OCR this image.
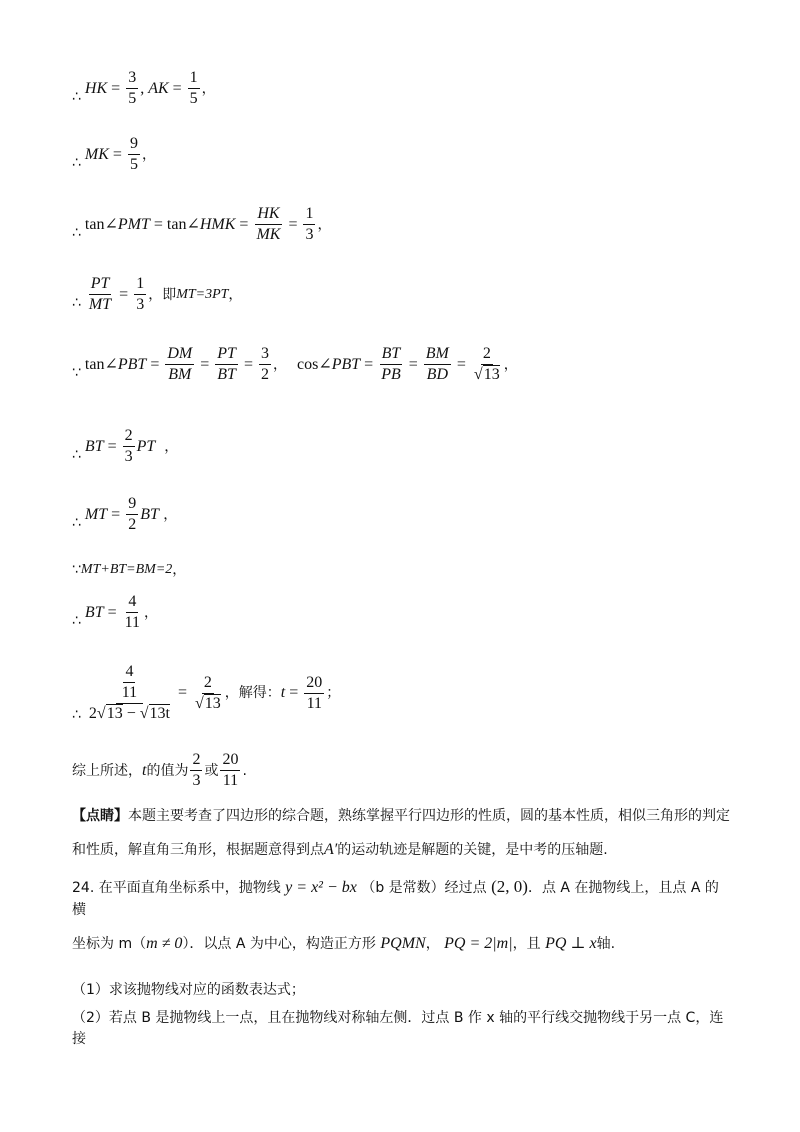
∴ HK = $\frac{3}{5}$ , AK = $\frac{1}{5}$ ，
∴ MK = $\frac{9}{5}$ ，
∴ tan ∠PMT = tan ∠HMK = $\frac{HK}{MK} = \frac{1}{3}$ ，
∴ $\frac{PT}{MT} = \frac{1}{3}$ ， 即 MT=3PT ，
∵ tan ∠PBT = $\frac{DM}{BM} = \frac{PT}{BT} = \frac{3}{2}$ ， cos ∠PBT = $\frac{BT}{PB} = \frac{BM}{BD} = \frac{2}{√13}$ ，
∴ BT = $\frac{2}{3}$ PT ，
∴ MT = $\frac{9}{2}$ BT ，
∵ MT+BT=BM=2 ，
∴ BT = $\frac{4}{11}$ ，
∴ $\frac{\frac{4}{11}}{2√13 - √13t} = \frac{2}{√13}$ ， 解得： $t = \frac{20}{11}$ ；
综上所述， t 的值为 $\frac{2}{3}$ 或 $\frac{20}{11}$ .
【点睛】本题主要考查了四边形的综合题，熟练掌握平行四边形的性质，圆的基本性质，相似三角形的判定和性质，解直角三角形，根据题意得到点A′的运动轨迹是解题的关键，是中考的压轴题.
24. 在平面直角坐标系中，抛物线 y = x² − bx （b 是常数）经过点 (2, 0)．点 A 在抛物线上，且点 A 的横
坐标为 m（m ≠ 0）．以点 A 为中心，构造正方形 PQMN， PQ = 2|m|，且 PQ ⊥ x轴.
（1）求该抛物线对应的函数表达式；
（2）若点 B 是抛物线上一点，且在抛物线对称轴左侧．过点 B 作 x 轴的平行线交抛物线于另一点 C，连接
